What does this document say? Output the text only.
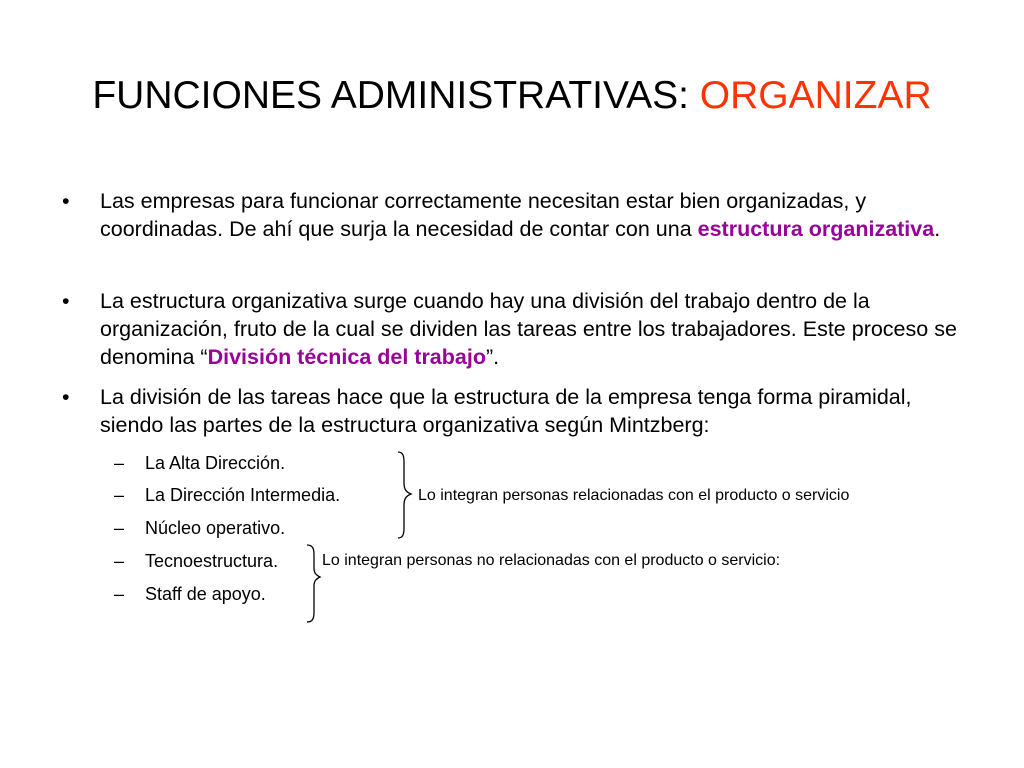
FUNCIONES ADMINISTRATIVAS: ORGANIZAR
• Las empresas para funcionar correctamente necesitan estar bien organizadas, y coordinadas. De ahí que surja la necesidad de contar con una estructura organizativa.
• La estructura organizativa surge cuando hay una división del trabajo dentro de la organización, fruto de la cual se dividen las tareas entre los trabajadores. Este proceso se denomina “División técnica del trabajo”.
• La división de las tareas hace que la estructura de la empresa tenga forma piramidal, siendo las partes de la estructura organizativa según Mintzberg:
– La Alta Dirección.
– La Dirección Intermedia.
– Núcleo operativo.
– Tecnoestructura.
– Staff de apoyo.
Lo integran personas relacionadas con el producto o servicio
Lo integran personas no relacionadas con el producto o servicio:
